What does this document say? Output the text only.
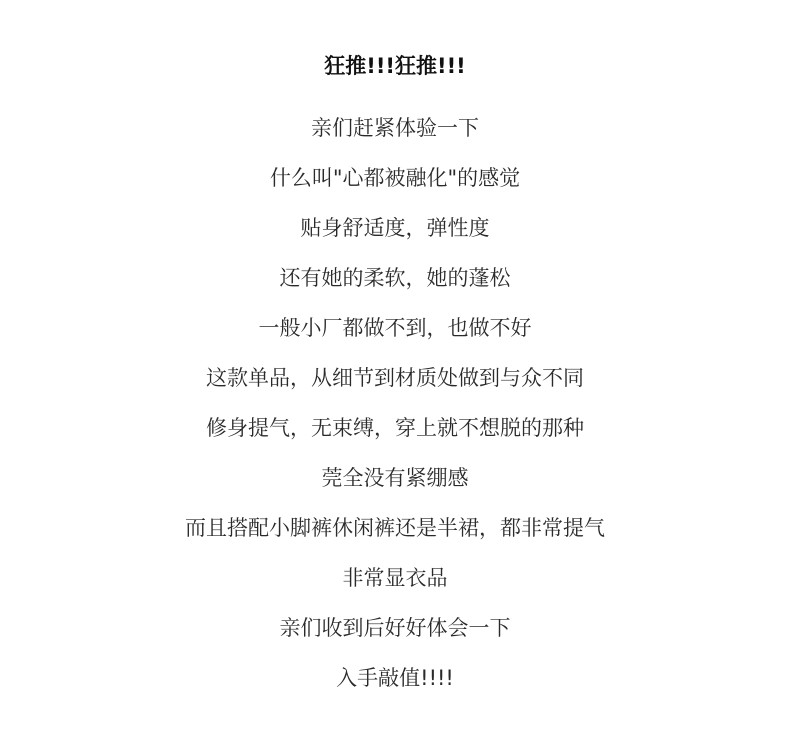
狂推!!!狂推!!!
亲们赶紧体验一下
什么叫"心都被融化"的感觉
贴身舒适度，弹性度
还有她的柔软，她的蓬松
一般小厂都做不到，也做不好
这款单品，从细节到材质处做到与众不同
修身提气，无束缚，穿上就不想脱的那种
莞全没有紧绷感
而且搭配小脚裤休闲裤还是半裙，都非常提气
非常显衣品
亲们收到后好好体会一下
入手敲值!!!!
